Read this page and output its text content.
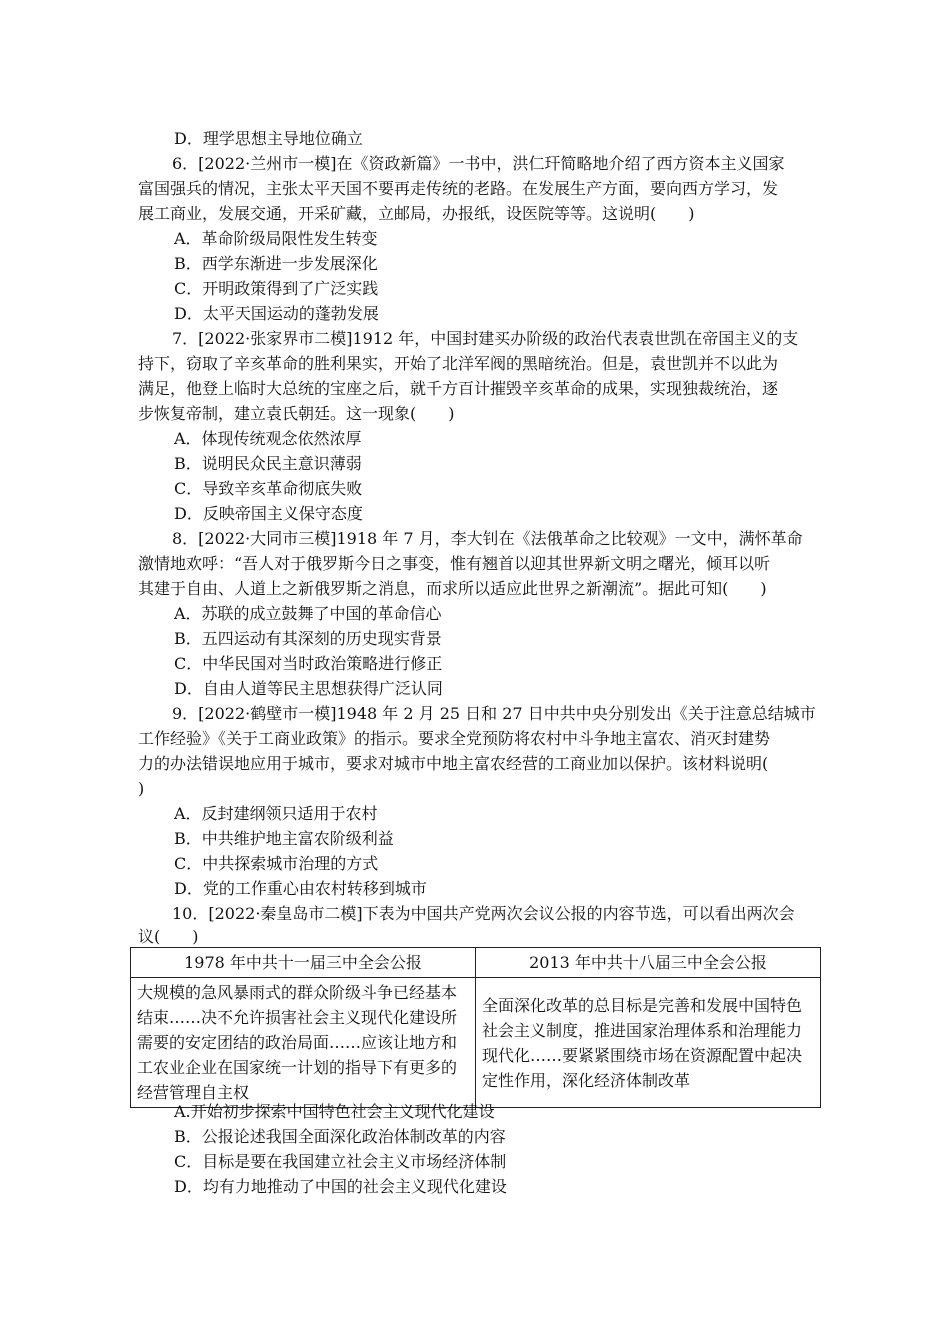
D．理学思想主导地位确立
6．[2022·兰州市一模]在《资政新篇》一书中，洪仁玕简略地介绍了西方资本主义国家
富国强兵的情况，主张太平天国不要再走传统的老路。在发展生产方面，要向西方学习，发
展工商业，发展交通，开采矿藏，立邮局，办报纸，设医院等等。这说明(　　)
A．革命阶级局限性发生转变
B．西学东渐进一步发展深化
C．开明政策得到了广泛实践
D．太平天国运动的蓬勃发展
7．[2022·张家界市二模]1912 年，中国封建买办阶级的政治代表袁世凯在帝国主义的支
持下，窃取了辛亥革命的胜利果实，开始了北洋军阀的黑暗统治。但是，袁世凯并不以此为
满足，他登上临时大总统的宝座之后，就千方百计摧毁辛亥革命的成果，实现独裁统治，逐
步恢复帝制，建立袁氏朝廷。这一现象(　　)
A．体现传统观念依然浓厚
B．说明民众民主意识薄弱
C．导致辛亥革命彻底失败
D．反映帝国主义保守态度
8．[2022·大同市三模]1918 年 7 月，李大钊在《法俄革命之比较观》一文中，满怀革命
激情地欢呼：“吾人对于俄罗斯今日之事变，惟有翘首以迎其世界新文明之曙光，倾耳以听
其建于自由、人道上之新俄罗斯之消息，而求所以适应此世界之新潮流”。据此可知(　　)
A．苏联的成立鼓舞了中国的革命信心
B．五四运动有其深刻的历史现实背景
C．中华民国对当时政治策略进行修正
D．自由人道等民主思想获得广泛认同
9．[2022·鹤壁市一模]1948 年 2 月 25 日和 27 日中共中央分别发出《关于注意总结城市
工作经验》《关于工商业政策》的指示。要求全党预防将农村中斗争地主富农、消灭封建势
力的办法错误地应用于城市，要求对城市中地主富农经营的工商业加以保护。该材料说明(
)
A．反封建纲领只适用于农村
B．中共维护地主富农阶级利益
C．中共探索城市治理的方式
D．党的工作重心由农村转移到城市
10．[2022·秦皇岛市二模]下表为中国共产党两次会议公报的内容节选，可以看出两次会
议(　　)
1978 年中共十一届三中全会公报	2013 年中共十八届三中全会公报
大规模的急风暴雨式的群众阶级斗争已经基本结束……决不允许损害社会主义现代化建设所需要的安定团结的政治局面……应该让地方和工农业企业在国家统一计划的指导下有更多的经营管理自主权	全面深化改革的总目标是完善和发展中国特色社会主义制度，推进国家治理体系和治理能力现代化……要紧紧围绕市场在资源配置中起决定性作用，深化经济体制改革
A.开始初步探索中国特色社会主义现代化建设
B．公报论述我国全面深化政治体制改革的内容
C．目标是要在我国建立社会主义市场经济体制
D．均有力地推动了中国的社会主义现代化建设
